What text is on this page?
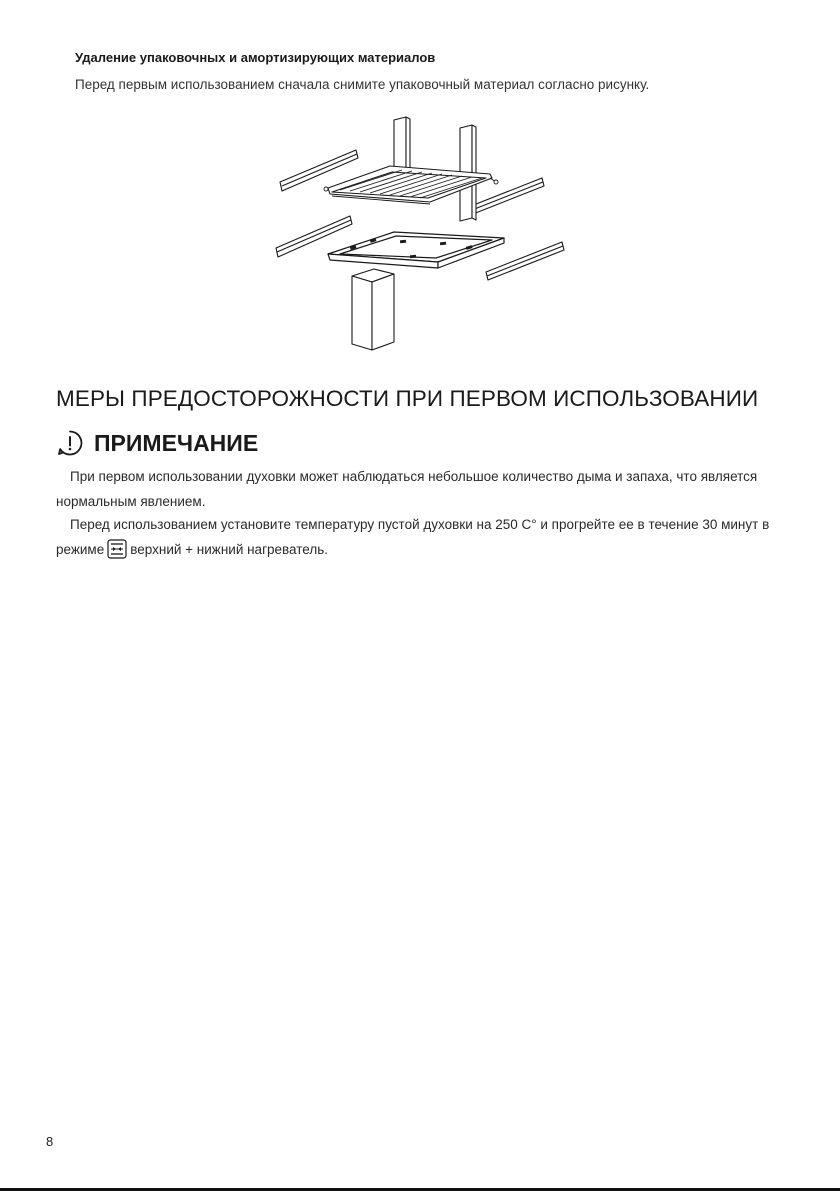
Удаление упаковочных и амортизирующих материалов
Перед первым использованием сначала снимите упаковочный материал согласно рисунку.
МЕРЫ ПРЕДОСТОРОЖНОСТИ ПРИ ПЕРВОМ ИСПОЛЬЗОВАНИИ
ПРИМЕЧАНИЕ
При первом использовании духовки может наблюдаться небольшое количество дыма и запаха, что является нормальным явлением.
Перед использованием установите температуру пустой духовки на 250 С° и прогрейте ее в течение 30 минут в режиме верхний + нижний нагреватель.
8
